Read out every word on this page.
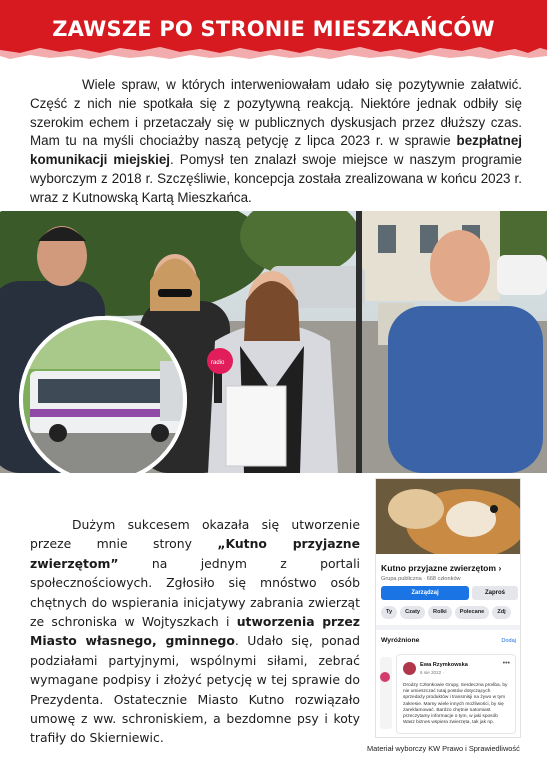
ZAWSZE PO STRONIE MIESZKAŃCÓW
Wiele spraw, w których interweniowałam udało się pozytywnie załatwić. Część z nich nie spotkała się z pozytywną reakcją. Niektóre jednak odbiły się szerokim echem i przetaczały się w publicznych dyskusjach przez dłuższy czas. Mam tu na myśli chociażby naszą petycję z lipca 2023 r. w sprawie bezpłatnej komunikacji miejskiej. Pomysł ten znalazł swoje miejsce w naszym programie wyborczym z 2018 r. Szczęśliwie, koncepcja została zrealizowana w końcu 2023 r. wraz z Kutnowską Kartą Mieszkańca.
radio
Dużym sukcesem okazała się utworzenie przeze mnie strony „Kutno przyjazne zwierzętom” na jednym z portali społecznościowych. Zgłosiło się mnóstwo osób chętnych do wspierania inicjatywy zabrania zwierząt ze schroniska w Wojtyszkach i utworzenia przez Miasto własnego, gminnego. Udało się, ponad podziałami partyjnymi, wspólnymi siłami, zebrać wymagane podpisy i złożyć petycję w tej sprawie do Prezydenta. Ostatecznie Miasto Kutno rozwiązało umowę z ww. schroniskiem, a bezdomne psy i koty trafiły do Skierniewic.
Kutno przyjazne zwierzętom ›
Grupa publiczna · 668 członków
Zarządzaj	Zaproś
Ty	Czaty	Rolki	Polecane	Zdj
Wyróżnione	Dodaj
Ewa Rzymkowska
6 sie 2022 ·
•••
Drodzy Członkowie Grupy, Serdeczna prośba, by nie umieszczać tutaj postów dotyczących sprzedaży produktów i transmisji na żywo w tym zakresie. Mamy wiele innych możliwości, by się zareklamować. Bardzo chętnie natomiast przeczytamy informacje o tym, w jaki sposób Wasz biznes wspiera zwierzęta, tak jak np.
Materiał wyborczy KW Prawo i Sprawiedliwość
